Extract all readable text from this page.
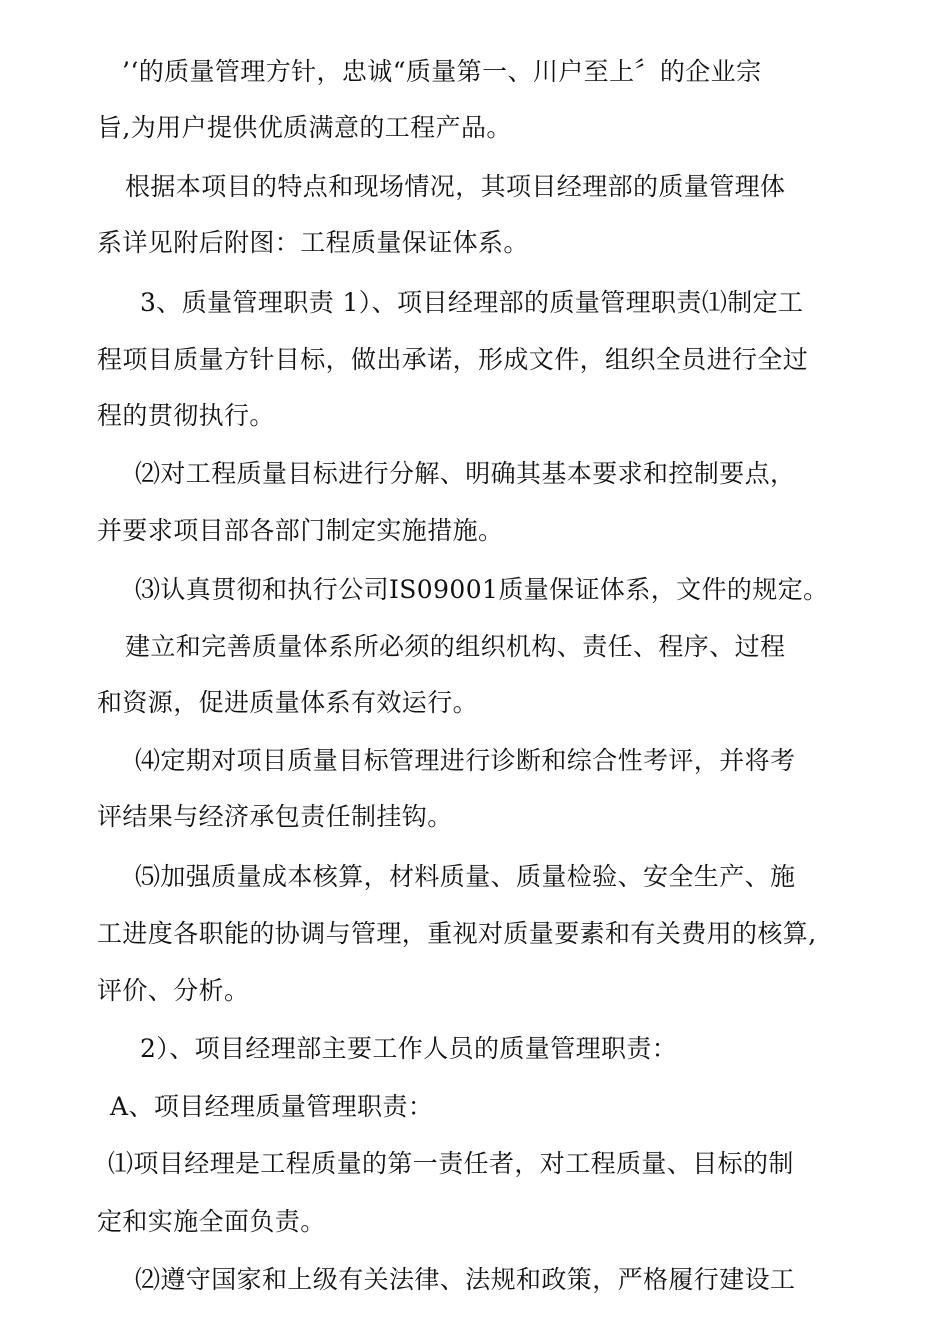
’‘的质量管理方针，忠诚“质量第一、川户至上〞的企业宗
旨,为用户提供优质满意的工程产品。
根据本项目的特点和现场情况，其项目经理部的质量管理体
系详见附后附图：工程质量保证体系。
3、质量管理职责 1）、项目经理部的质量管理职责⑴制定工
程项目质量方针目标，做出承诺，形成文件，组织全员进行全过
程的贯彻执行。
⑵对工程质量目标进行分解、明确其基本要求和控制要点，
并要求项目部各部门制定实施措施。
⑶认真贯彻和执行公司IS09001质量保证体系，文件的规定。
建立和完善质量体系所必须的组织机构、责任、程序、过程
和资源，促进质量体系有效运行。
⑷定期对项目质量目标管理进行诊断和综合性考评，并将考
评结果与经济承包责任制挂钩。
⑸加强质量成本核算，材料质量、质量检验、安全生产、施
工进度各职能的协调与管理，重视对质量要素和有关费用的核算,
评价、分析。
2）、项目经理部主要工作人员的质量管理职责：
A、项目经理质量管理职责：
⑴项目经理是工程质量的第一责任者，对工程质量、目标的制
定和实施全面负责。
⑵遵守国家和上级有关法律、法规和政策，严格履行建设工
